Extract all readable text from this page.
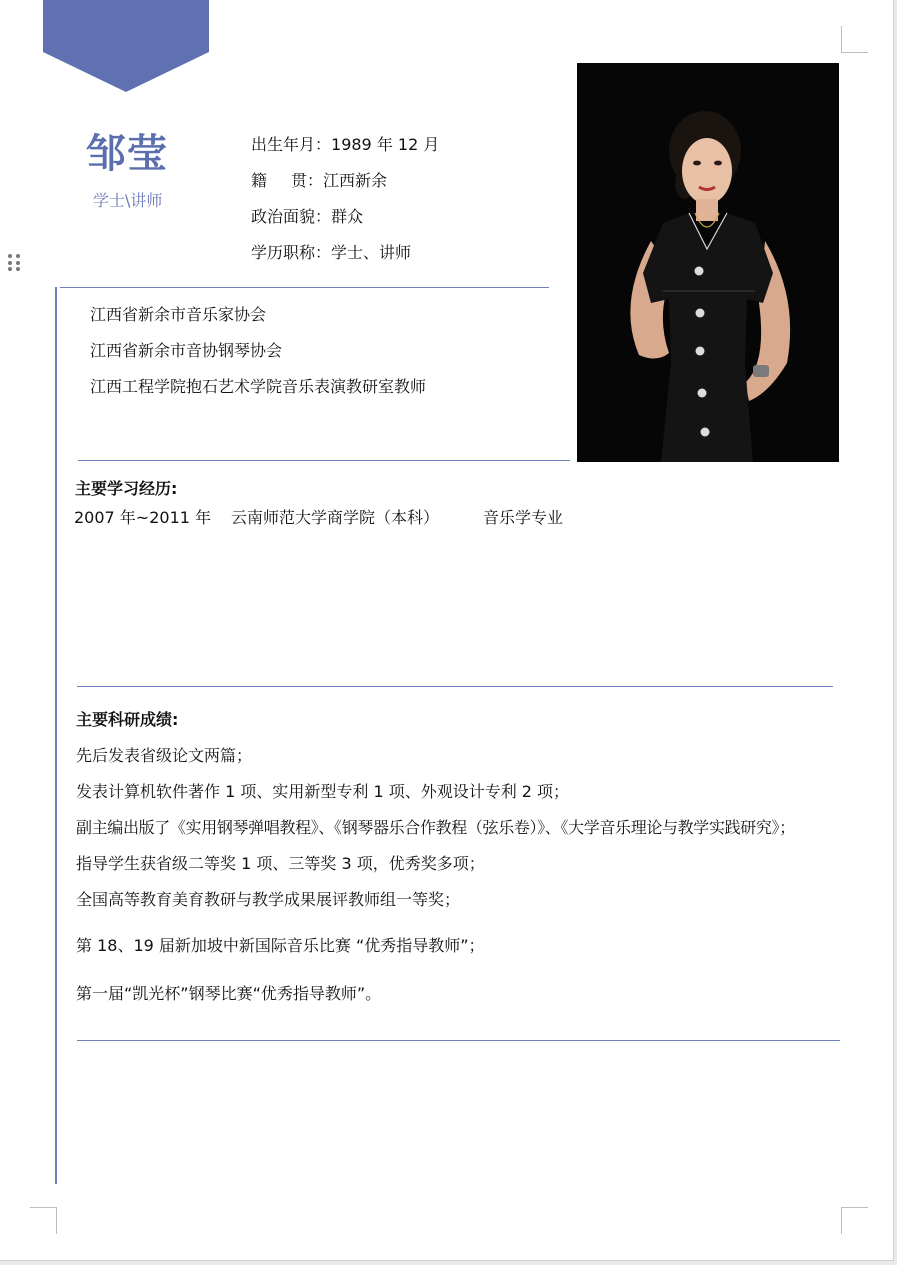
邹莹
学士\讲师
出生年月：1989 年 12 月
籍贯：江西新余
政治面貌：群众
学历职称：学士、讲师
江西省新余市音乐家协会
江西省新余市音协钢琴协会
江西工程学院抱石艺术学院音乐表演教研室教师
主要学习经历:
2007 年~2011 年 云南师范大学商学院（本科）	音乐学专业
主要科研成绩:
先后发表省级论文两篇；
发表计算机软件著作 1 项、实用新型专利 1 项、外观设计专利 2 项；
副主编出版了《实用钢琴弹唱教程》、《钢琴器乐合作教程（弦乐卷）》、《大学音乐理论与教学实践研究》；
指导学生获省级二等奖 1 项、三等奖 3 项，优秀奖多项；
全国高等教育美育教研与教学成果展评教师组一等奖；
第 18、19 届新加坡中新国际音乐比赛 “优秀指导教师”；
第一届“凯光杯”钢琴比赛“优秀指导教师”。
